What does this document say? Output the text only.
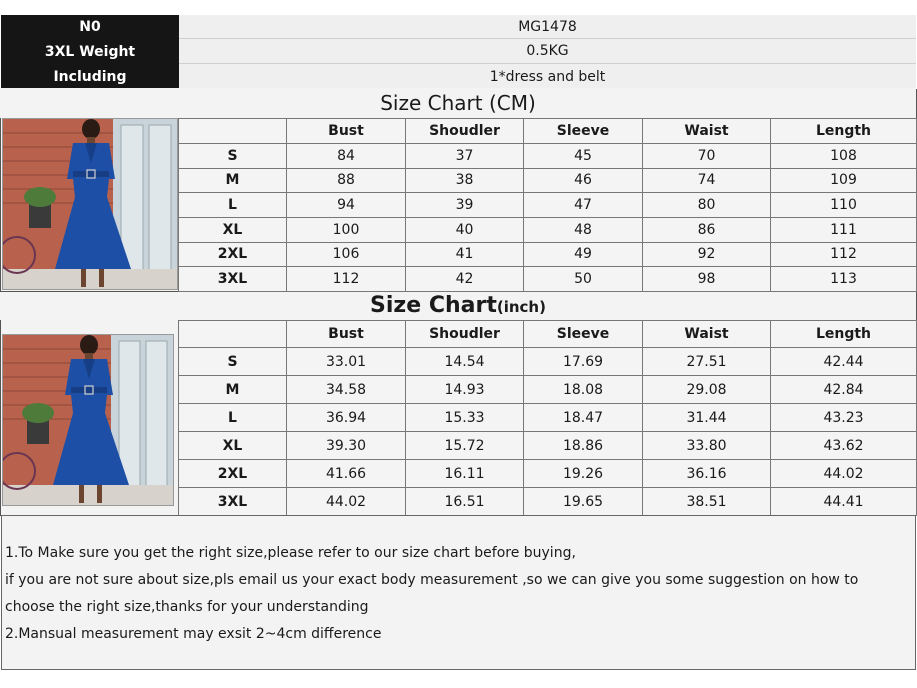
N0	MG1478
3XL Weight	0.5KG
Including	1*dress and belt
Size Chart (CM)
	Bust	Shoudler	Sleeve	Waist	Length
S	84	37	45	70	108
M	88	38	46	74	109
L	94	39	47	80	110
XL	100	40	48	86	111
2XL	106	41	49	92	112
3XL	112	42	50	98	113
Size Chart(inch)
	Bust	Shoudler	Sleeve	Waist	Length
S	33.01	14.54	17.69	27.51	42.44
M	34.58	14.93	18.08	29.08	42.84
L	36.94	15.33	18.47	31.44	43.23
XL	39.30	15.72	18.86	33.80	43.62
2XL	41.66	16.11	19.26	36.16	44.02
3XL	44.02	16.51	19.65	38.51	44.41

1.To Make sure you get the right size,please refer to our size chart before buying,

if you are not sure about size,pls email us your exact body measurement ,so we can give you some suggestion on how to

choose the right size,thanks for your understanding

2.Mansual measurement may exsit 2~4cm difference
